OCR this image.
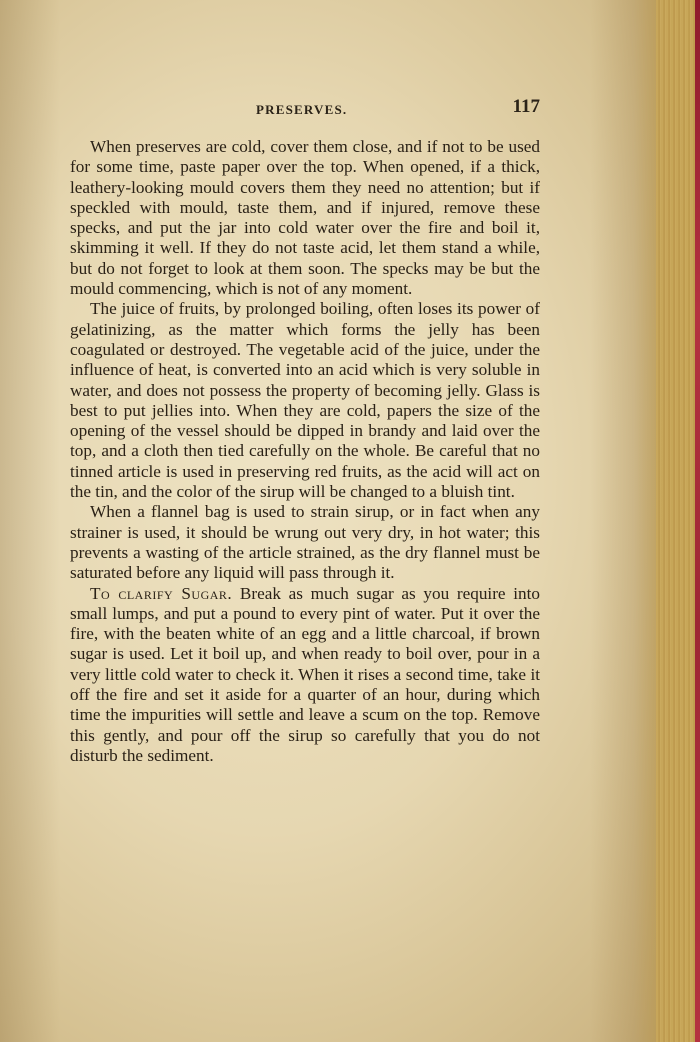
PRESERVES.	117

When preserves are cold, cover them close, and if not to be used for some time, paste paper over the top. When opened, if a thick, leathery-looking mould covers them they need no attention; but if speckled with mould, taste them, and if injured, remove these specks, and put the jar into cold water over the fire and boil it, skimming it well. If they do not taste acid, let them stand a while, but do not forget to look at them soon. The specks may be but the mould commencing, which is not of any moment.

The juice of fruits, by prolonged boiling, often loses its power of gelatinizing, as the matter which forms the jelly has been coagulated or destroyed. The vegetable acid of the juice, under the influence of heat, is converted into an acid which is very soluble in water, and does not possess the property of becoming jelly. Glass is best to put jellies into. When they are cold, papers the size of the opening of the vessel should be dipped in brandy and laid over the top, and a cloth then tied carefully on the whole. Be careful that no tinned article is used in preserving red fruits, as the acid will act on the tin, and the color of the sirup will be changed to a bluish tint.

When a flannel bag is used to strain sirup, or in fact when any strainer is used, it should be wrung out very dry, in hot water; this prevents a wasting of the article strained, as the dry flannel must be saturated before any liquid will pass through it.

To clarify Sugar. Break as much sugar as you require into small lumps, and put a pound to every pint of water. Put it over the fire, with the beaten white of an egg and a little charcoal, if brown sugar is used. Let it boil up, and when ready to boil over, pour in a very little cold water to check it. When it rises a second time, take it off the fire and set it aside for a quarter of an hour, during which time the impurities will settle and leave a scum on the top. Remove this gently, and pour off the sirup so carefully that you do not disturb the sediment.
